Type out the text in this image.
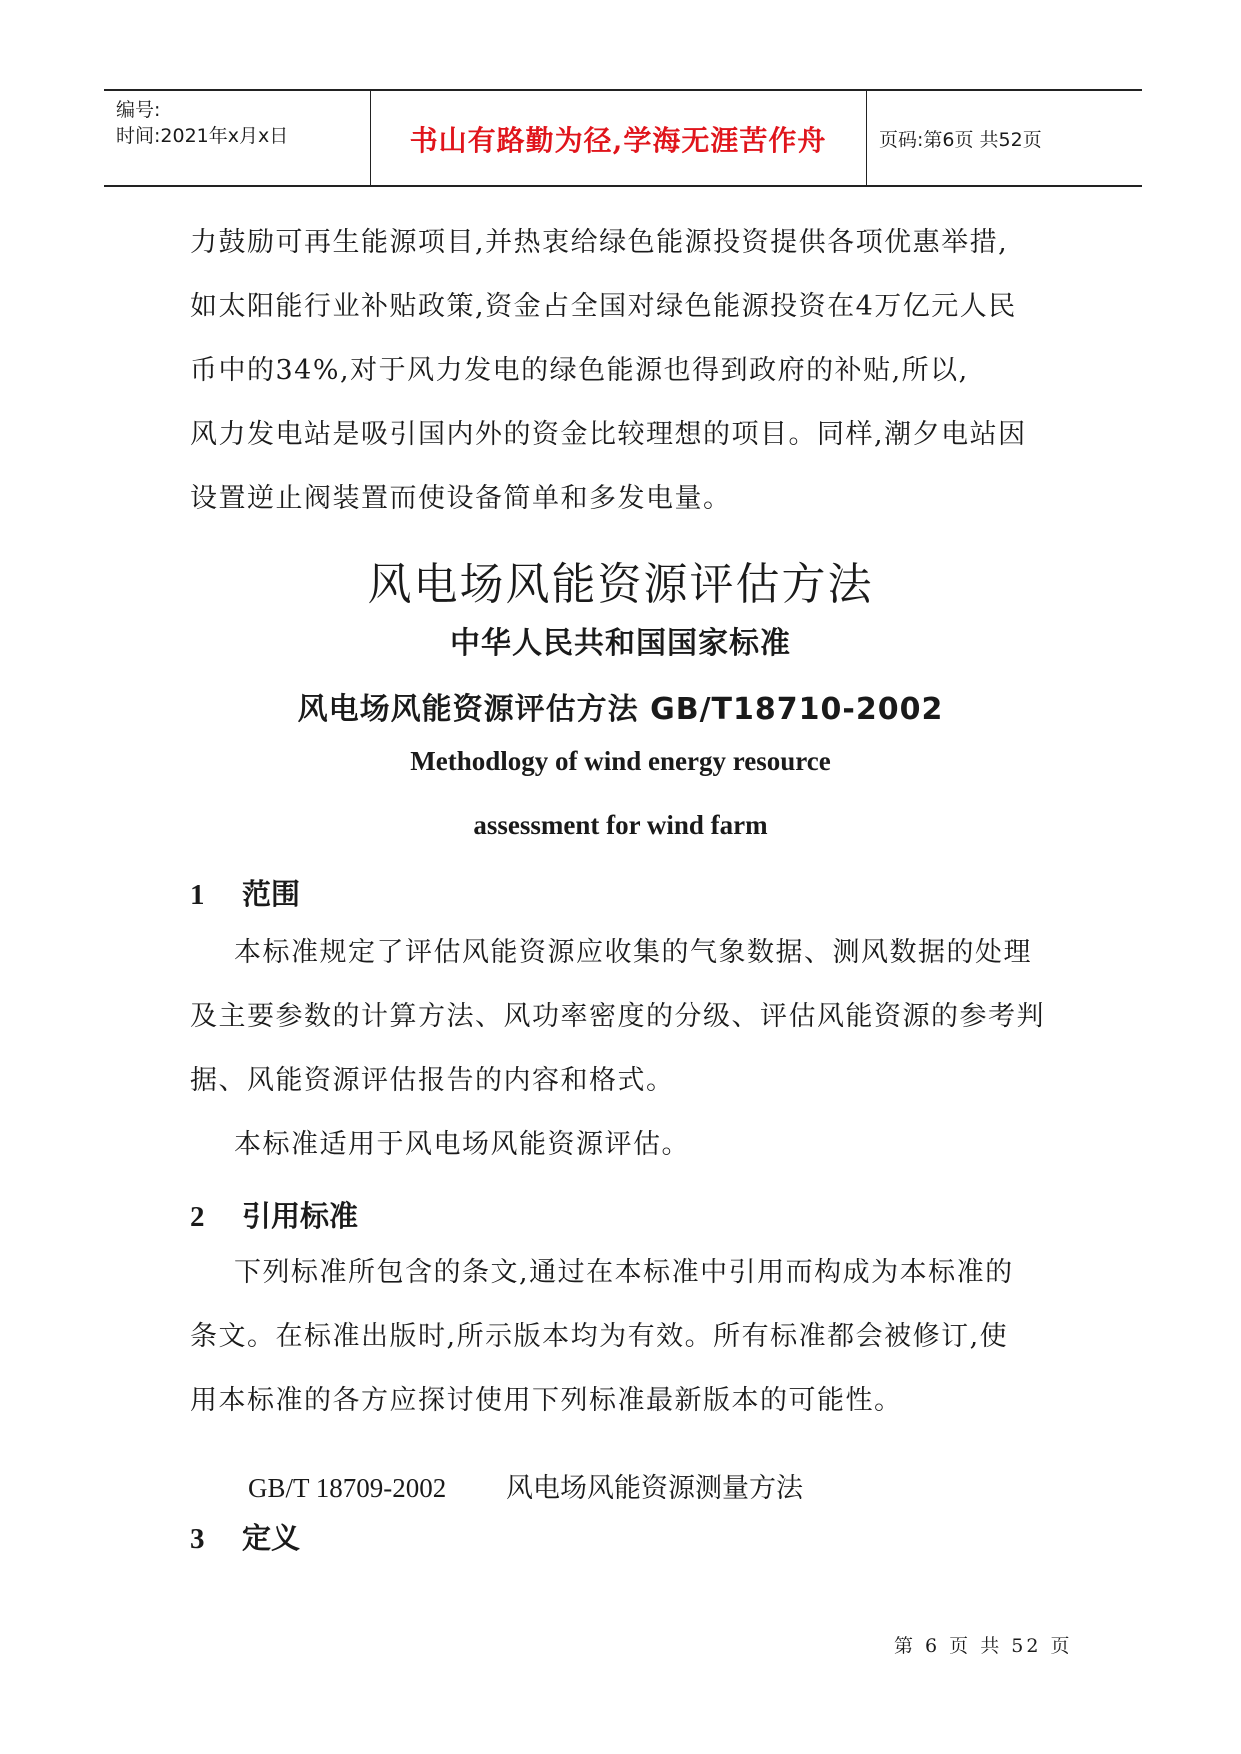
编号:
时间:2021年x月x日	书山有路勤为径,学海无涯苦作舟	页码:第6页 共52页
力鼓励可再生能源项目,并热衷给绿色能源投资提供各项优惠举措,
如太阳能行业补贴政策,资金占全国对绿色能源投资在4万亿元人民
币中的34%,对于风力发电的绿色能源也得到政府的补贴,所以,
风力发电站是吸引国内外的资金比较理想的项目。同样,潮夕电站因
设置逆止阀装置而使设备简单和多发电量。
风电场风能资源评估方法
中华人民共和国国家标准
风电场风能资源评估方法 GB/T18710-2002
Methodlogy of wind energy resource
assessment for wind farm
1 范围
本标准规定了评估风能资源应收集的气象数据、测风数据的处理
及主要参数的计算方法、风功率密度的分级、评估风能资源的参考判
据、风能资源评估报告的内容和格式。
本标准适用于风电场风能资源评估。
2 引用标准
下列标准所包含的条文,通过在本标准中引用而构成为本标准的
条文。在标准出版时,所示版本均为有效。所有标准都会被修订,使
用本标准的各方应探讨使用下列标准最新版本的可能性。
GB/T 18709-2002 风电场风能资源测量方法
3 定义
第 6 页 共 52 页
